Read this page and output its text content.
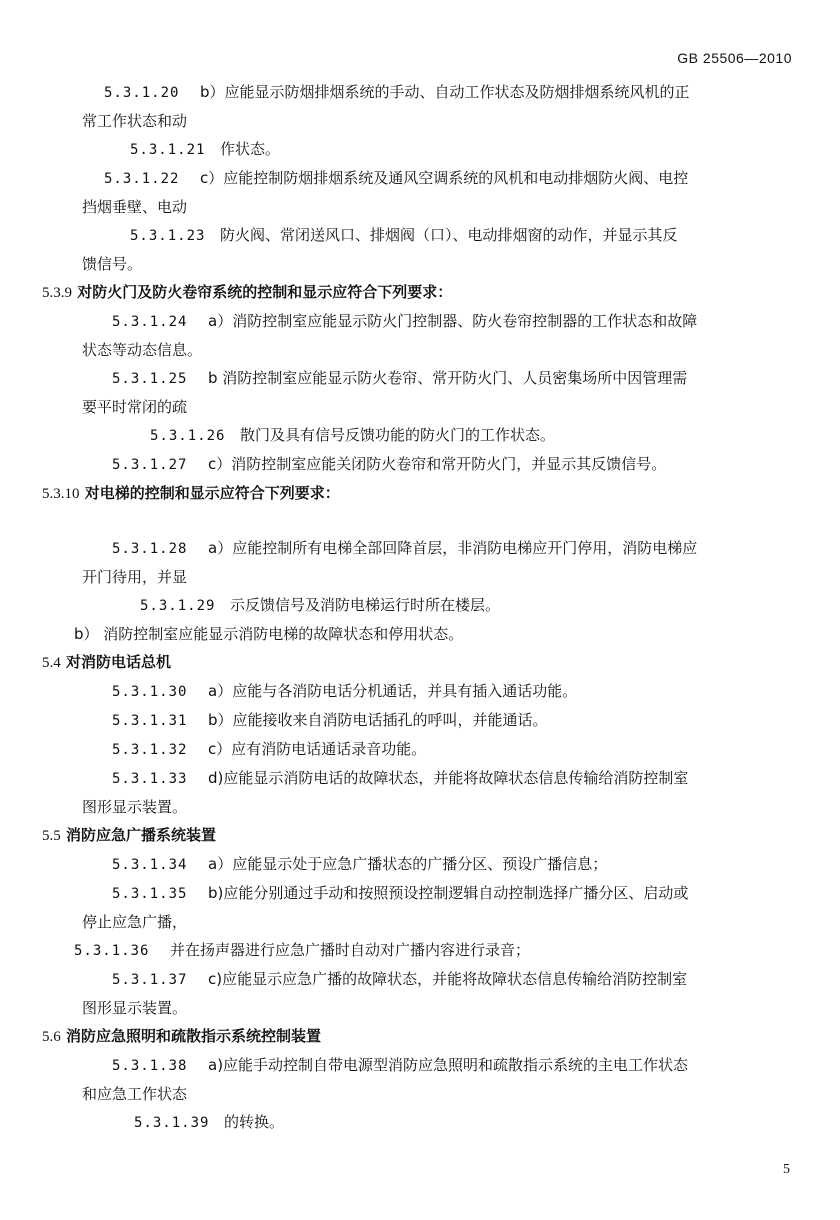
GB 25506—2010

5.3.1.20 b）应能显示防烟排烟系统的手动、自动工作状态及防烟排烟系统风机的正

常工作状态和动

5.3.1.21 作状态。

5.3.1.22 c）应能控制防烟排烟系统及通风空调系统的风机和电动排烟防火阀、电控

挡烟垂壁、电动

5.3.1.23 防火阀、常闭送风口、排烟阀（口）、电动排烟窗的动作，并显示其反

馈信号。

5.3.9 对防火门及防火卷帘系统的控制和显示应符合下列要求：

5.3.1.24 a）消防控制室应能显示防火门控制器、防火卷帘控制器的工作状态和故障

状态等动态信息。

5.3.1.25 b 消防控制室应能显示防火卷帘、常开防火门、人员密集场所中因管理需

要平时常闭的疏

5.3.1.26 散门及具有信号反馈功能的防火门的工作状态。

5.3.1.27 c）消防控制室应能关闭防火卷帘和常开防火门，并显示其反馈信号。

5.3.10 对电梯的控制和显示应符合下列要求：

5.3.1.28 a）应能控制所有电梯全部回降首层，非消防电梯应开门停用，消防电梯应

开门待用，并显

5.3.1.29 示反馈信号及消防电梯运行时所在楼层。

b） 消防控制室应能显示消防电梯的故障状态和停用状态。

5.4 对消防电话总机

5.3.1.30 a）应能与各消防电话分机通话，并具有插入通话功能。

5.3.1.31 b）应能接收来自消防电话插孔的呼叫，并能通话。

5.3.1.32 c）应有消防电话通话录音功能。

5.3.1.33 d)应能显示消防电话的故障状态，并能将故障状态信息传输给消防控制室

图形显示装置。

5.5 消防应急广播系统装置

5.3.1.34 a）应能显示处于应急广播状态的广播分区、预设广播信息；

5.3.1.35 b)应能分别通过手动和按照预设控制逻辑自动控制选择广播分区、启动或

停止应急广播，

5.3.1.36 并在扬声器进行应急广播时自动对广播内容进行录音；

5.3.1.37 c)应能显示应急广播的故障状态，并能将故障状态信息传输给消防控制室

图形显示装置。

5.6 消防应急照明和疏散指示系统控制装置

5.3.1.38 a)应能手动控制自带电源型消防应急照明和疏散指示系统的主电工作状态

和应急工作状态

5.3.1.39 的转换。

5
